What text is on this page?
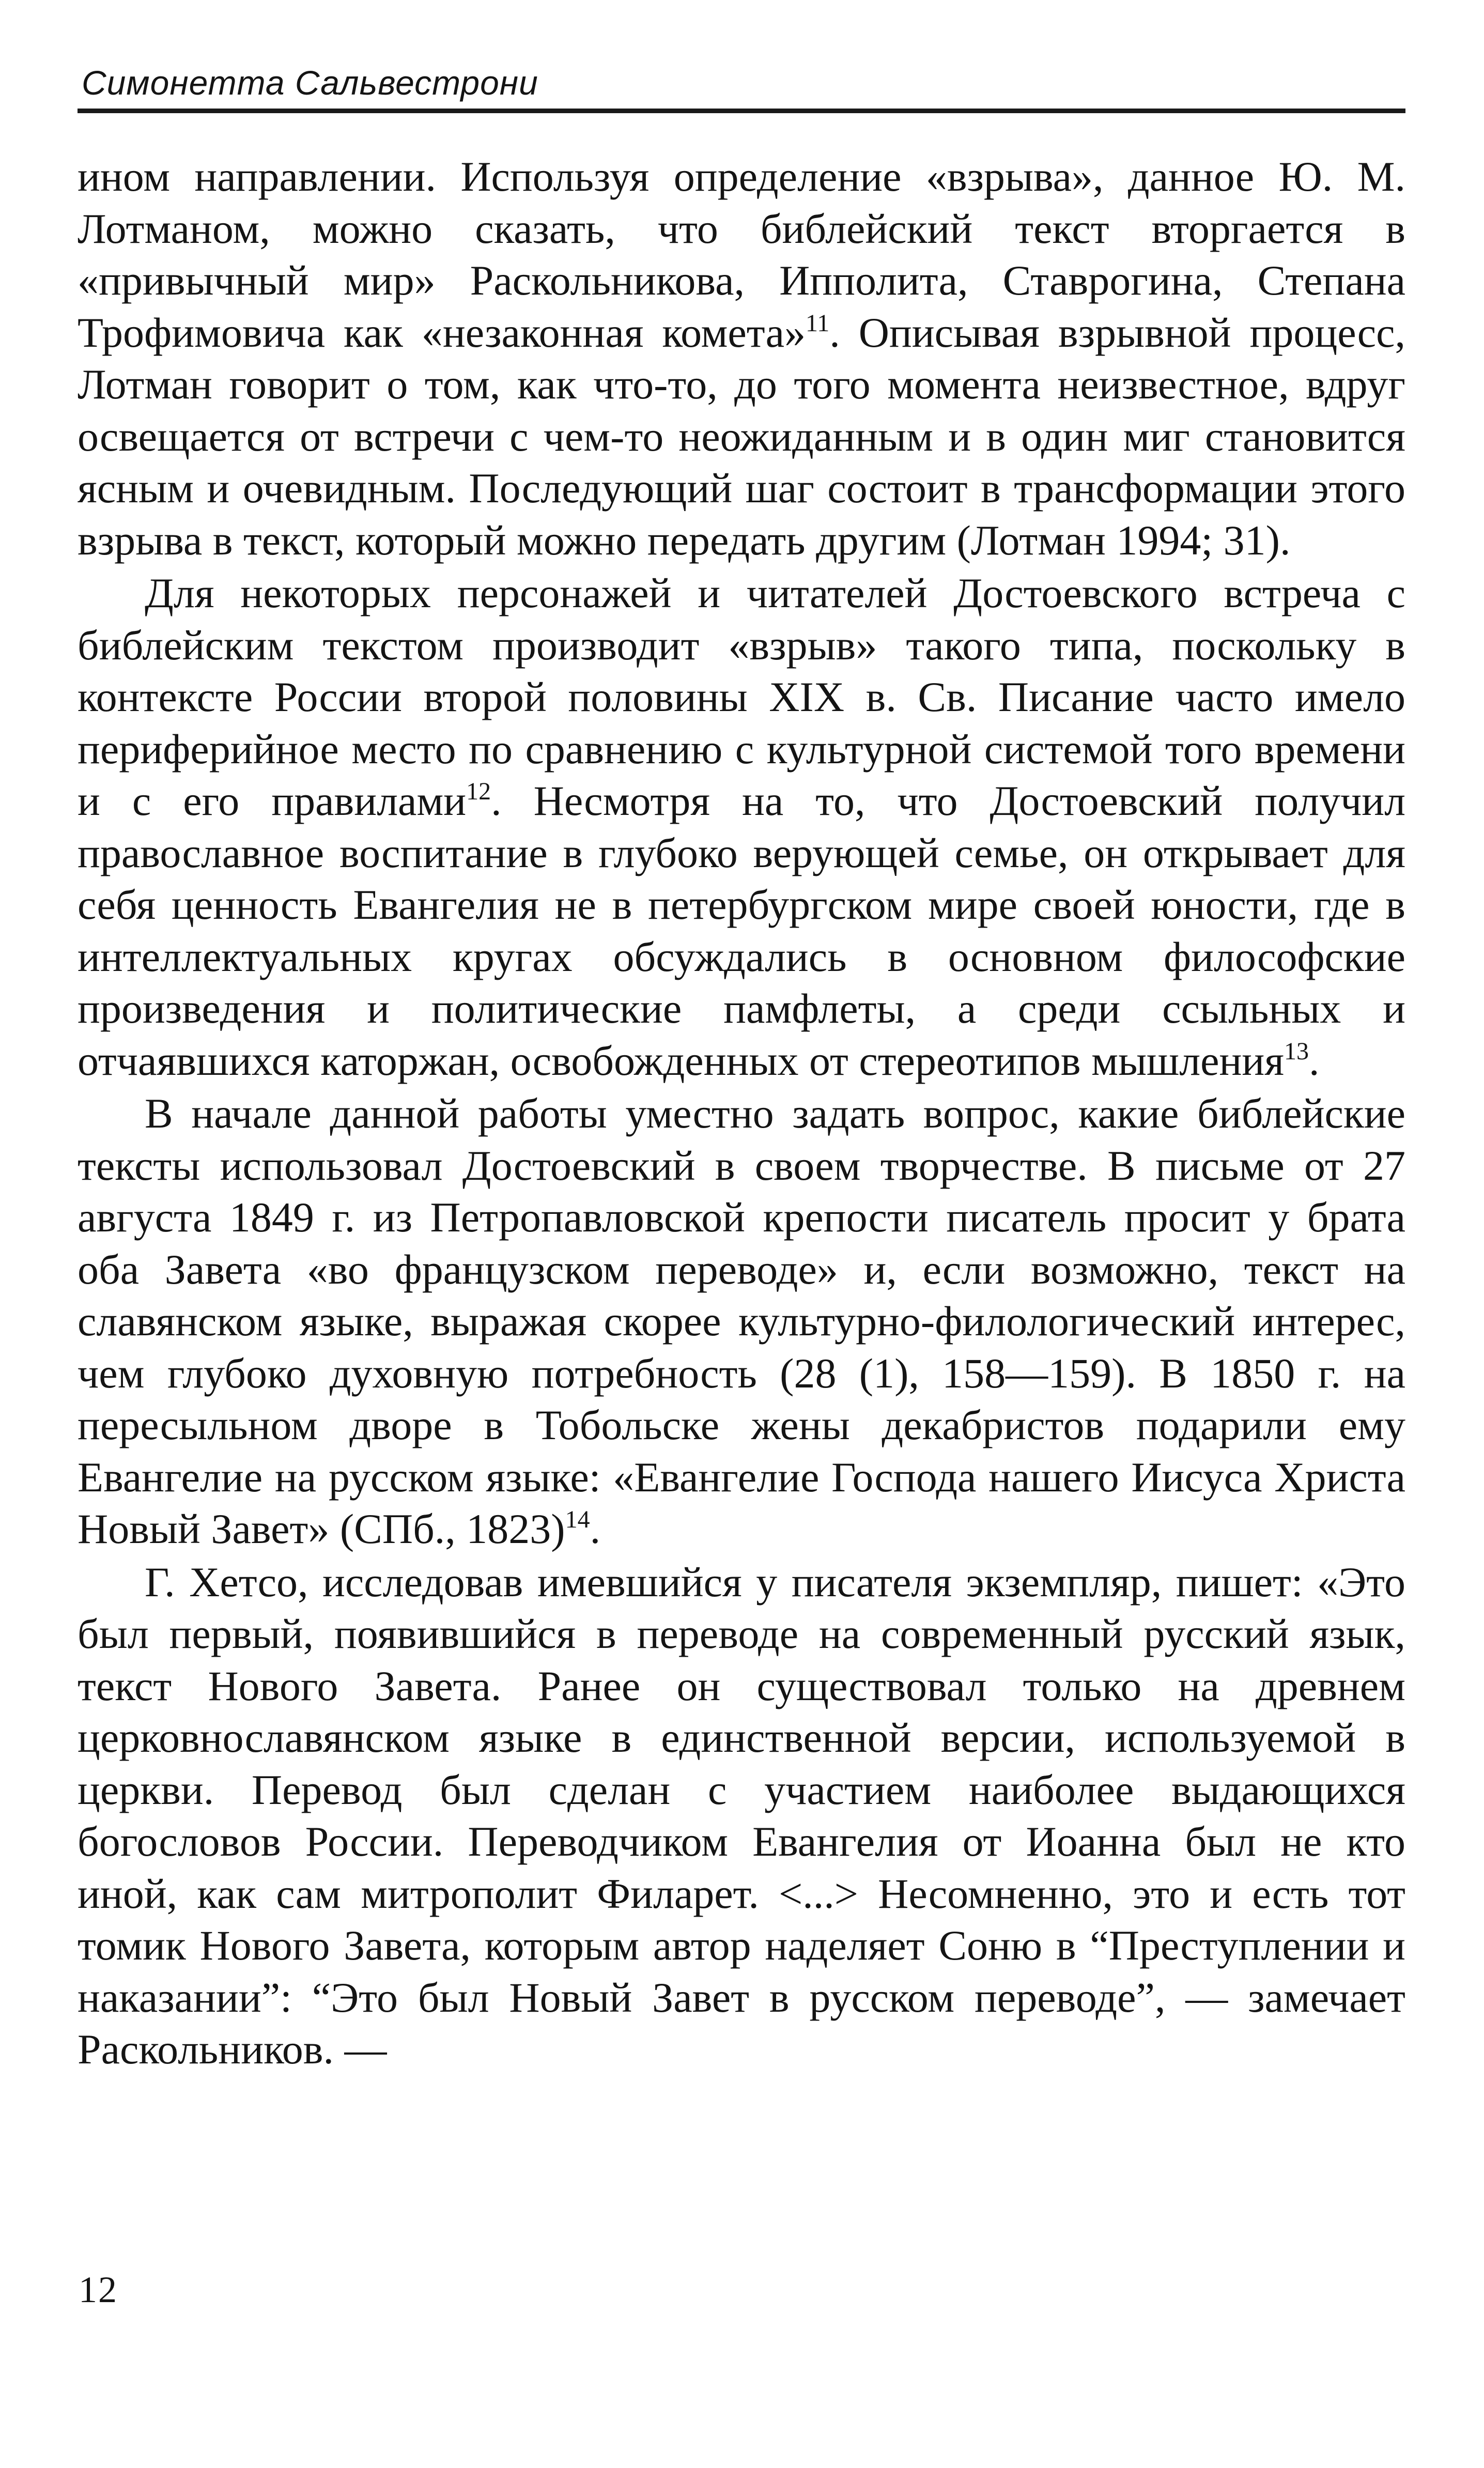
Симонетта Сальвестрони

ином направлении. Используя определение «взрыва», данное Ю. М. Лотманом, можно сказать, что библейский текст вторгается в «привычный мир» Раскольникова, Ипполита, Ставрогина, Степана Трофимовича как «незаконная комета»$^{11}$. Описывая взрывной процесс, Лотман говорит о том, как что-то, до того момента неизвестное, вдруг освещается от встречи с чем-то неожиданным и в один миг становится ясным и очевидным. Последующий шаг состоит в трансформации этого взрыва в текст, который можно передать другим (Лотман 1994; 31).

Для некоторых персонажей и читателей Достоевского встреча с библейским текстом производит «взрыв» такого типа, поскольку в контексте России второй половины XIX в. Св. Писание часто имело периферийное место по сравнению с культурной системой того времени и с его правилами$^{12}$. Несмотря на то, что Достоевский получил православное воспитание в глубоко верующей семье, он открывает для себя ценность Евангелия не в петербургском мире своей юности, где в интеллектуальных кругах обсуждались в основном философские произведения и политические памфлеты, а среди ссыльных и отчаявшихся каторжан, освобожденных от стереотипов мышления$^{13}$.

В начале данной работы уместно задать вопрос, какие библейские тексты использовал Достоевский в своем творчестве. В письме от 27 августа 1849 г. из Петропавловской крепости писатель просит у брата оба Завета «во французском переводе» и, если возможно, текст на славянском языке, выражая скорее культурно-филологический интерес, чем глубоко духовную потребность (28 (1), 158—159). В 1850 г. на пересыльном дворе в Тобольске жены декабристов подарили ему Евангелие на русском языке: «Евангелие Господа нашего Иисуса Христа Новый Завет» (СПб., 1823)$^{14}$.

Г. Хетсо, исследовав имевшийся у писателя экземпляр, пишет: «Это был первый, появившийся в переводе на современный русский язык, текст Нового Завета. Ранее он существовал только на древнем церковнославянском языке в единственной версии, используемой в церкви. Перевод был сделан с участием наиболее выдающихся богословов России. Переводчиком Евангелия от Иоанна был не кто иной, как сам митрополит Филарет. <...> Несомненно, это и есть тот томик Нового Завета, которым автор наделяет Соню в “Преступлении и наказании”: “Это был Новый Завет в русском переводе”, — замечает Раскольников. —

12
